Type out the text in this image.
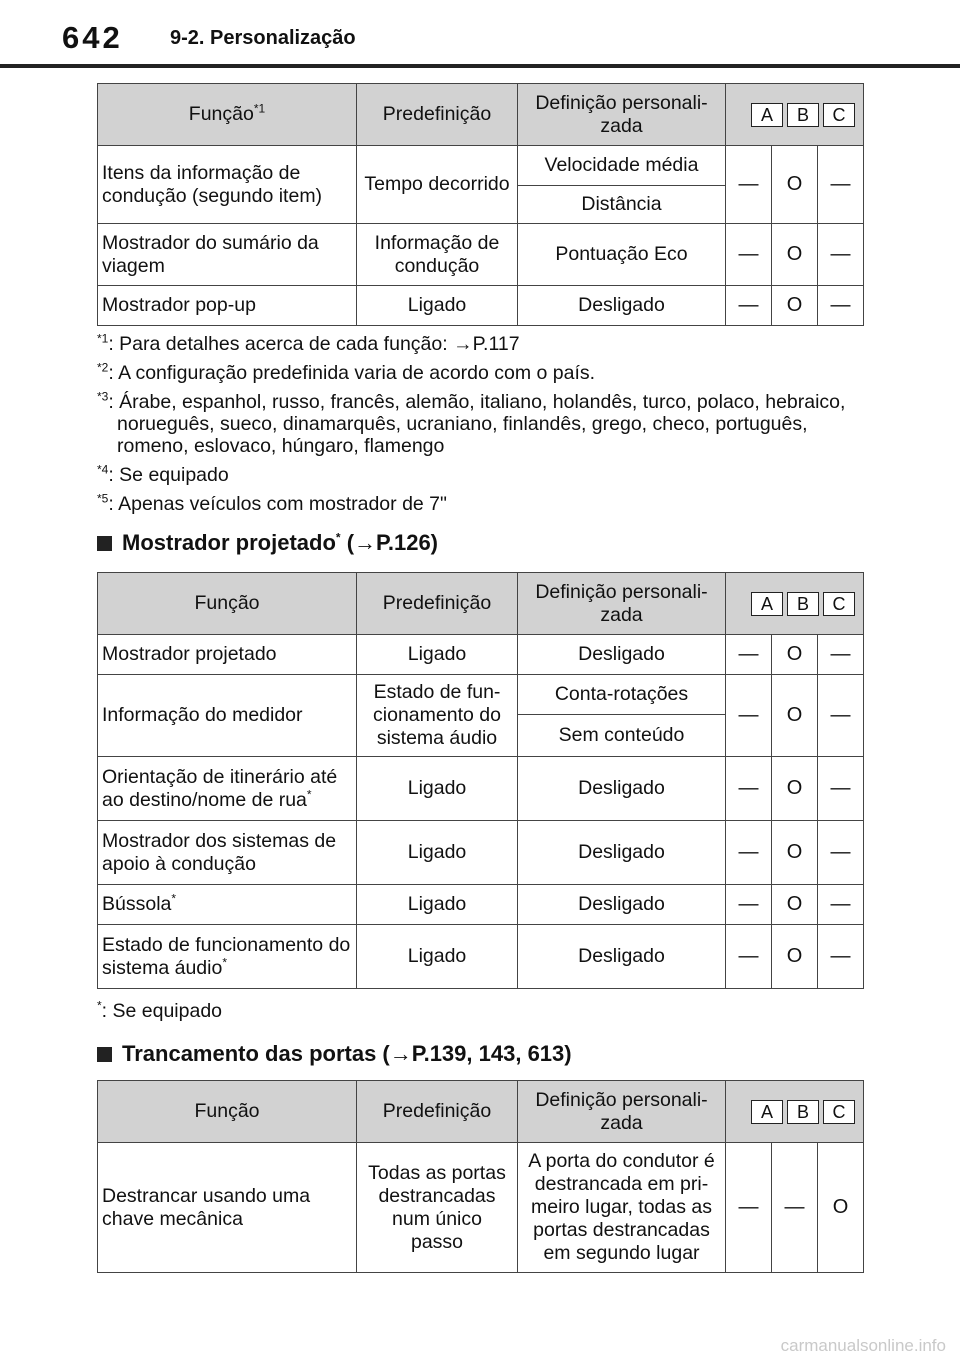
642 9-2. Personalização
Função$^{*1}$	Predefinição	Definição personali-
zada	A B C		
Itens da informação de condução (segundo item)	Tempo decorrido	Velocidade média	—	O	—
		Distância			
Mostrador do sumário da viagem	Informação de condução	Pontuação Eco	—	O	—
Mostrador pop-up	Ligado	Desligado	—	O	—
$^{*1}$: Para detalhes acerca de cada função: →P.117
$^{*2}$: A configuração predefinida varia de acordo com o país.
$^{*3}$: Árabe, espanhol, russo, francês, alemão, italiano, holandês, turco, polaco, hebraico, norueguês, sueco, dinamarquês, ucraniano, finlandês, grego, checo, português, romeno, eslovaco, húngaro, flamengo
$^{*4}$: Se equipado
$^{*5}$: Apenas veículos com mostrador de 7"
Mostrador projetado* (→P.126)
Função	Predefinição	Definição personali-
zada	A B C		
Mostrador projetado	Ligado	Desligado	—	O	—
Informação do medidor	Estado de fun-
cionamento do
sistema áudio	Conta-rotações	—	O	—
		Sem conteúdo			
Orientação de itinerário até ao destino/nome de rua*	Ligado	Desligado	—	O	—
Mostrador dos sistemas de apoio à condução	Ligado	Desligado	—	O	—
Bússola*	Ligado	Desligado	—	O	—
Estado de funcionamento do sistema áudio*	Ligado	Desligado	—	O	—
*: Se equipado
Trancamento das portas (→P.139, 143, 613)
Função	Predefinição	Definição personali-
zada	A B C		
Destrancar usando uma chave mecânica	Todas as portas
destrancadas
num único
passo	A porta do condutor é
destrancada em pri-
meiro lugar, todas as
portas destrancadas
em segundo lugar	—	—	O
carmanualsonline.info
